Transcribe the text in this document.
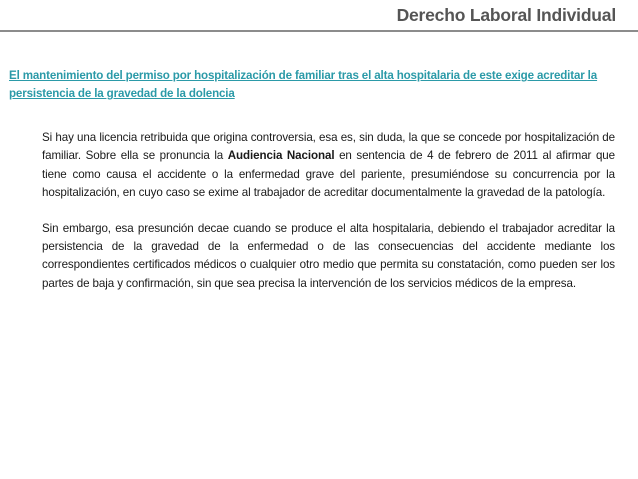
Derecho Laboral Individual
El mantenimiento del permiso por hospitalización de familiar tras el alta hospitalaria de este exige acreditar la persistencia de la gravedad de la dolencia

Si hay una licencia retribuida que origina controversia, esa es, sin duda, la que se concede por hospitalización de familiar. Sobre ella se pronuncia la Audiencia Nacional en sentencia de 4 de febrero de 2011 al afirmar que tiene como causa el accidente o la enfermedad grave del pariente, presumiéndose su concurrencia por la hospitalización, en cuyo caso se exime al trabajador de acreditar documentalmente la gravedad de la patología.

Sin embargo, esa presunción decae cuando se produce el alta hospitalaria, debiendo el trabajador acreditar la persistencia de la gravedad de la enfermedad o de las consecuencias del accidente mediante los correspondientes certificados médicos o cualquier otro medio que permita su constatación, como pueden ser los partes de baja y confirmación, sin que sea precisa la intervención de los servicios médicos de la empresa.
